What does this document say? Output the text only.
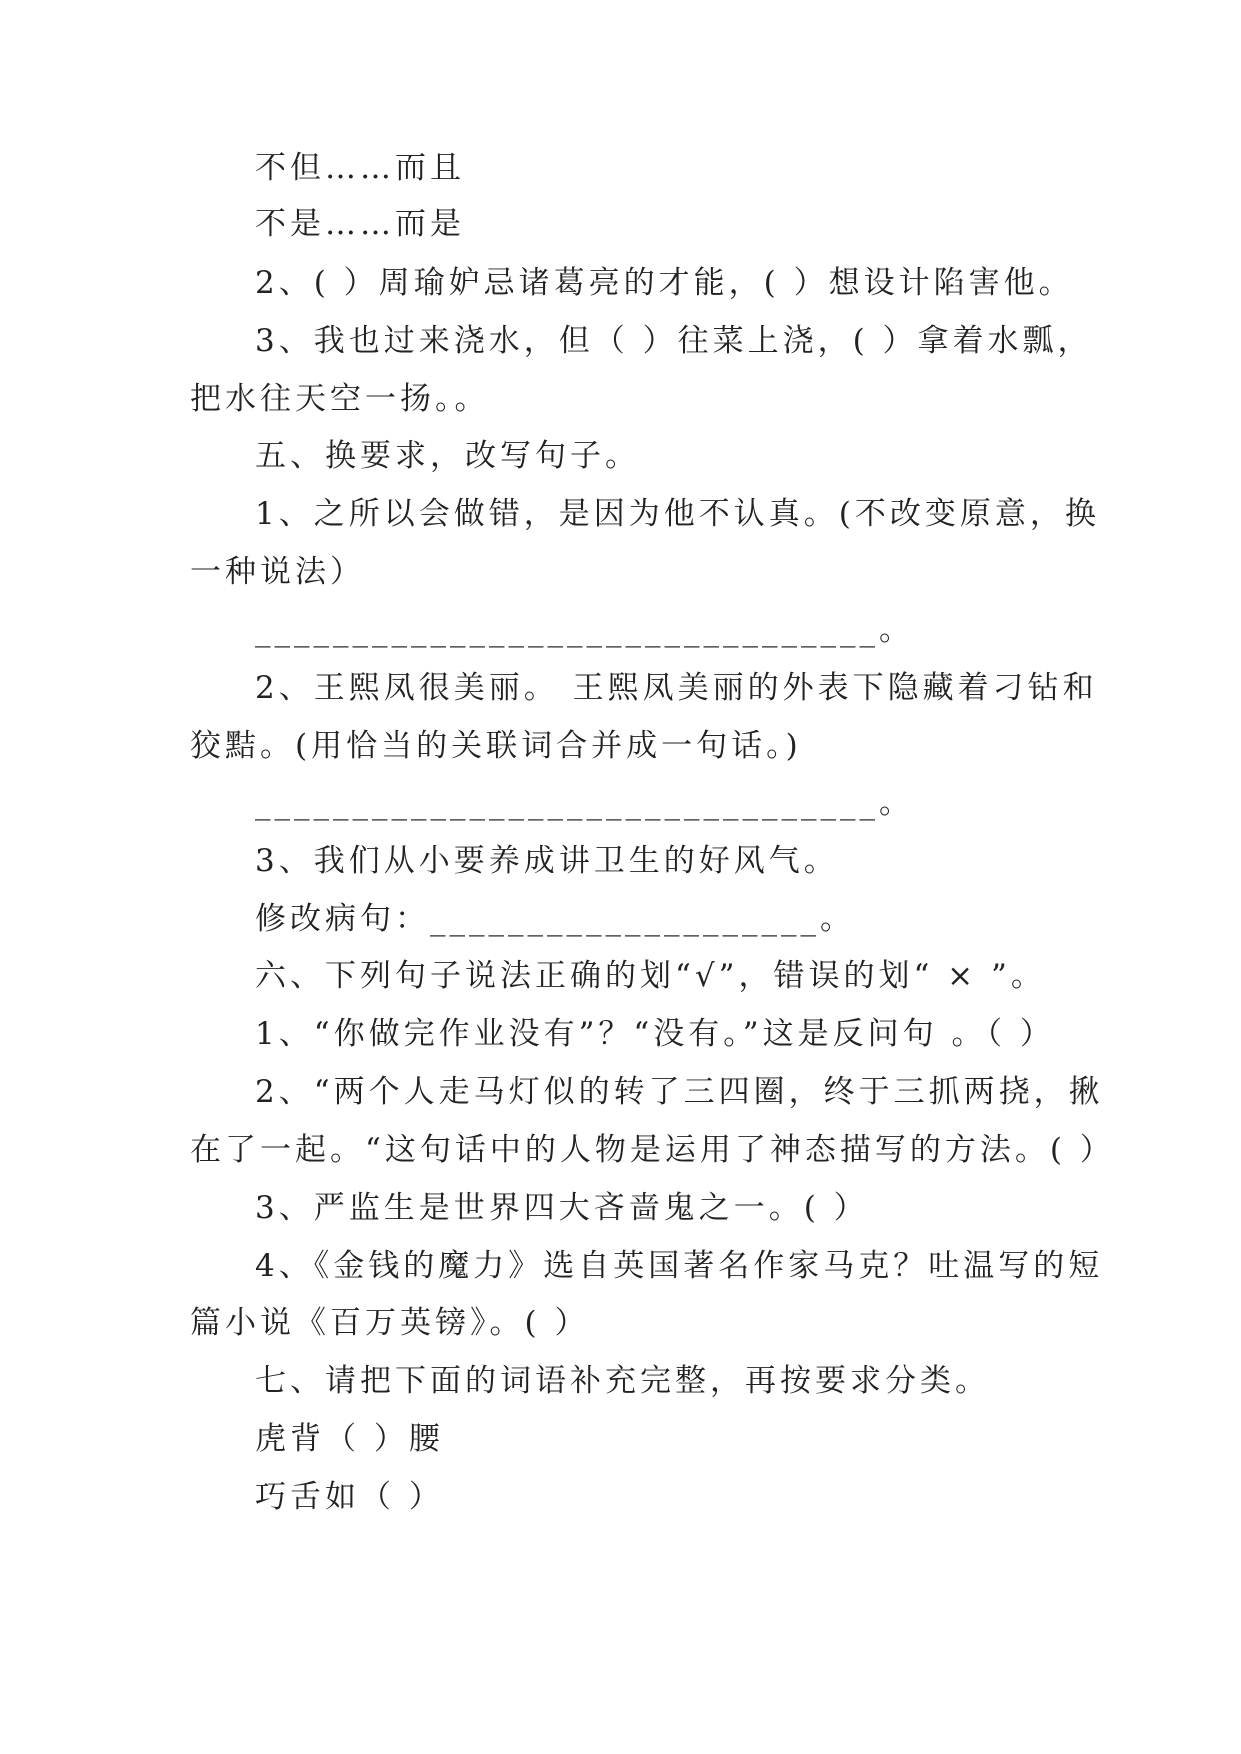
不但……而且
不是……而是
2、( ）周瑜妒忌诸葛亮的才能，( ）想设计陷害他。
3、我也过来浇水，但（ ）往菜上浇，( ）拿着水瓢，
把水往天空一扬。。
五、换要求，改写句子。
1、之所以会做错，是因为他不认真。(不改变原意，换
一种说法）
________________________________。
2、王熙凤很美丽。 王熙凤美丽的外表下隐藏着刁钻和
狡黠。(用恰当的关联词合并成一句话。)
________________________________。
3、我们从小要养成讲卫生的好风气。
修改病句：____________________。
六、下列句子说法正确的划“√”，错误的划“ × ”。
1、“你做完作业没有”？“没有。”这是反问句 。（ ）
2、“两个人走马灯似的转了三四圈，终于三抓两挠，揪
在了一起。“这句话中的人物是运用了神态描写的方法。( ）
3、严监生是世界四大吝啬鬼之一。( ）
4、《金钱的魔力》选自英国著名作家马克？吐温写的短
篇小说《百万英镑》。( ）
七、请把下面的词语补充完整，再按要求分类。
虎背（ ）腰
巧舌如（ ）
